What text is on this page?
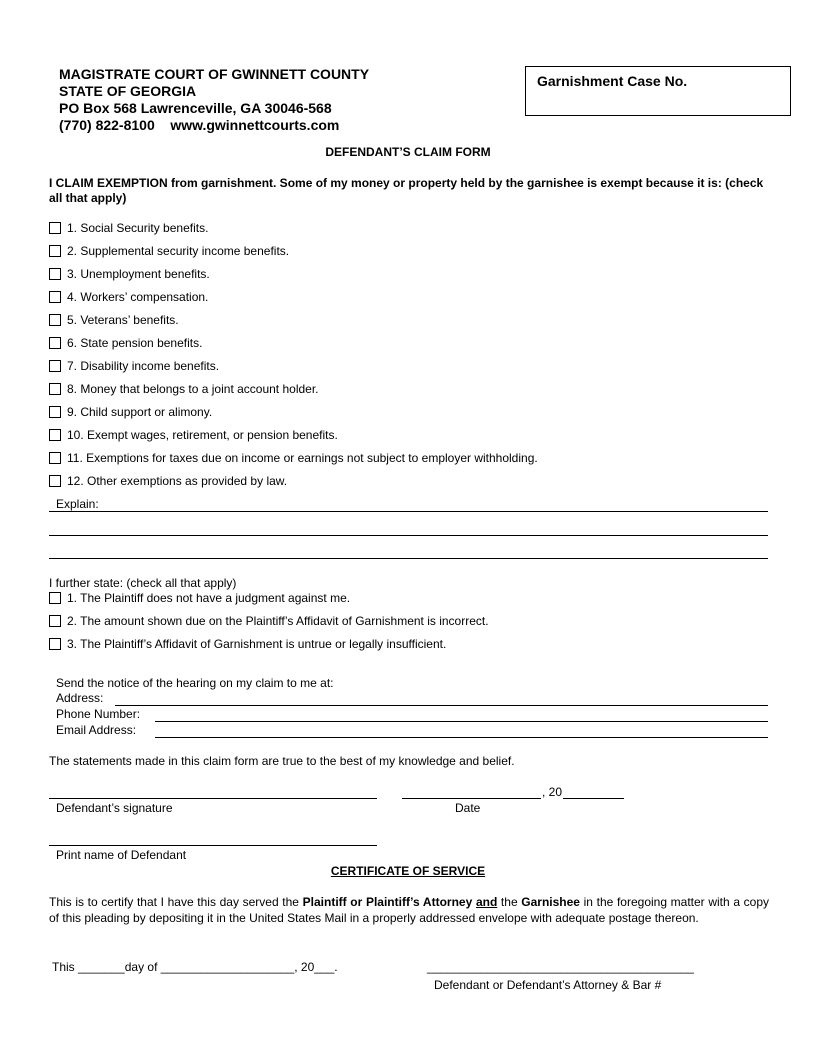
MAGISTRATE COURT OF GWINNETT COUNTY
STATE OF GEORGIA
PO Box 568 Lawrenceville, GA 30046-568
(770) 822-8100 www.gwinnettcourts.com
Garnishment Case No.
DEFENDANT’S CLAIM FORM
I CLAIM EXEMPTION from garnishment. Some of my money or property held by the garnishee is exempt because it is: (check all that apply)
1. Social Security benefits.
2. Supplemental security income benefits.
3. Unemployment benefits.
4. Workers’ compensation.
5. Veterans’ benefits.
6. State pension benefits.
7. Disability income benefits.
8. Money that belongs to a joint account holder.
9. Child support or alimony.
10. Exempt wages, retirement, or pension benefits.
11. Exemptions for taxes due on income or earnings not subject to employer withholding.
12. Other exemptions as provided by law.
Explain:
I further state: (check all that apply)
1. The Plaintiff does not have a judgment against me.
2. The amount shown due on the Plaintiff’s Affidavit of Garnishment is incorrect.
3. The Plaintiff’s Affidavit of Garnishment is untrue or legally insufficient.
Send the notice of the hearing on my claim to me at:
Address:
Phone Number:
Email Address:
The statements made in this claim form are true to the best of my knowledge and belief.
, 20
Defendant’s signature	Date
Print name of Defendant
CERTIFICATE OF SERVICE
This is to certify that I have this day served the Plaintiff or Plaintiff’s Attorney and the Garnishee in the foregoing matter with a copy of this pleading by depositing it in the United States Mail in a properly addressed envelope with adequate postage thereon.
This _______day of ____________________, 20___.	________________________________________
Defendant or Defendant’s Attorney & Bar #
